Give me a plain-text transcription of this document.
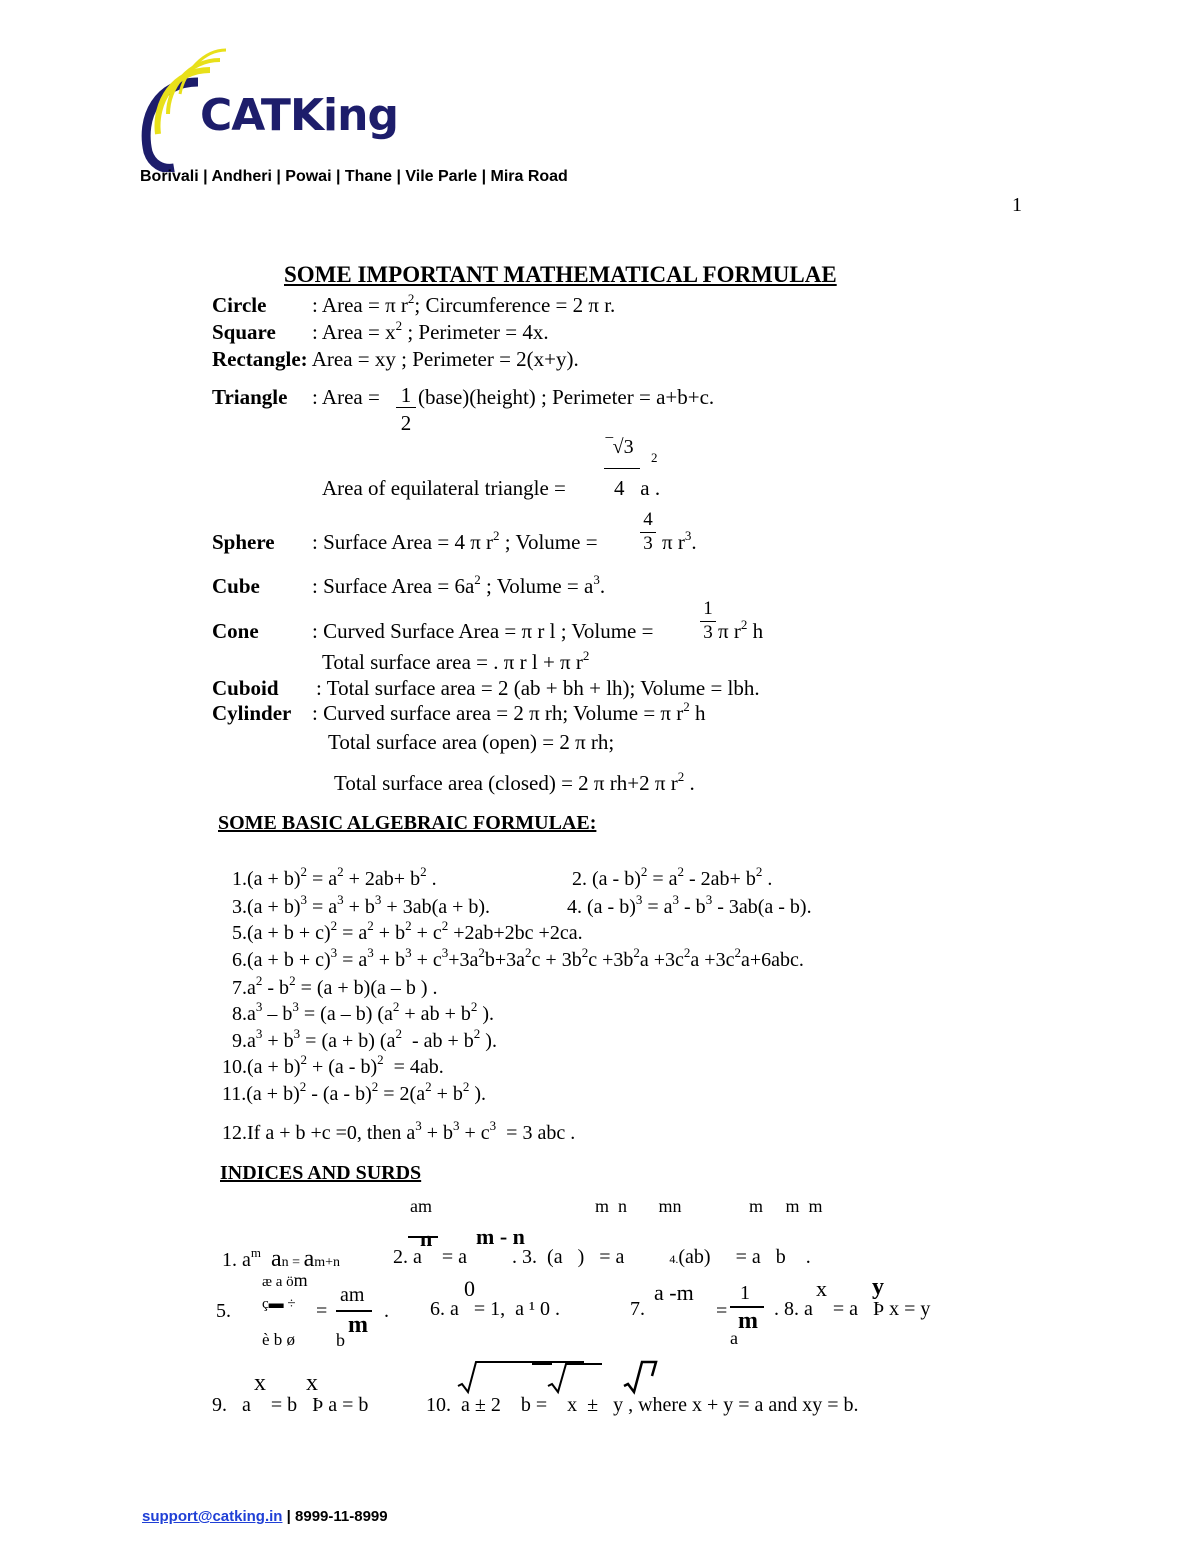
CATKing
Borivali | Andheri | Powai | Thane | Vile Parle | Mira Road
1
SOME IMPORTANT MATHEMATICAL FORMULAE
Circle : Area = π $r^2$; Circumference = 2 π r.
Square : Area = $x^2$ ; Perimeter = 4x.
Rectangle: Area = xy ; Perimeter = 2(x+y).
Triangle : Area = 1
2
(base)(height) ; Perimeter = a+b+c.
‾√3 2
Area of equilateral triangle = 4   a .
Sphere : Surface Area = 4 π $r^2$ ; Volume =
4
3 π $r^3$.
Cube : Surface Area = $6a^2$ ; Volume = $a^3$.
Cone	: Curved Surface Area = π r l ; Volume =
1
3 π $r^2$ h
Total surface area = . π r l + π $r^2$
Cuboid : Total surface area = 2 (ab + bh + lh); Volume = lbh.
Cylinder : Curved surface area = 2 π rh; Volume = π $r^2$ h
Total surface area (open) = 2 π rh;
Total surface area (closed) = 2 π rh+2 π $r^2$ .
SOME BASIC ALGEBRAIC FORMULAE:
$1.(a + b)^2 = a^2 + 2ab+ b^2$ .	2. $(a - b)^2 = a^2 - 2ab+ b^2$ .
$3.(a + b)^3 = a^3 + b^3 + 3ab(a + b)$.	4. $(a - b)^3 = a^3 - b^3 - 3ab(a - b)$.
$5.(a + b + c)^2 = a^2 + b^2 + c^2 +2ab+2bc +2ca$.
$6.(a + b + c)^3 = a^3 + b^3 + c^3+3a^2b+3a^2c + 3b^2c +3b^2a +3c^2a +3c^2a+6abc$.
$7.a^2 - b^2 = (a + b)(a - b$ ) .
$8.a^3 - b^3 = (a - b) (a^2$ + ab + $b^2$ ).
$9.a^3 + b^3 = (a + b)$ ($a^2$  - ab + $b^2$ ).
$10.(a + b)^2 + (a - b)^2 = 4ab$.
$11.(a + b)^2 - (a - b)^2 = 2(a^2 + b^2$ ).
12.If a + b +c =0, then $a^3 + b^3 + c^3 = 3$ abc .
INDICES AND SURDS
am	m  n       mn               m     m  m
1. $a^m$ an = am+n
n m - n
2. a    = a         . 3.  (a   )   = a         4.(ab)     = a   b    .
æ a öm
ç▬ ÷
è b ø
5.	=
am
m
b
.
0
6. a   = 1,  a ¹ 0 .
a -m
7.	=
1
m
a
x y
. 8. a    = a   Þ x = y
x x
9.   a    = b   Þ a = b	10.  a ± 2    b =    x  ±   y , where x + y = a and xy = b.
support@catking.in | 8999-11-8999
